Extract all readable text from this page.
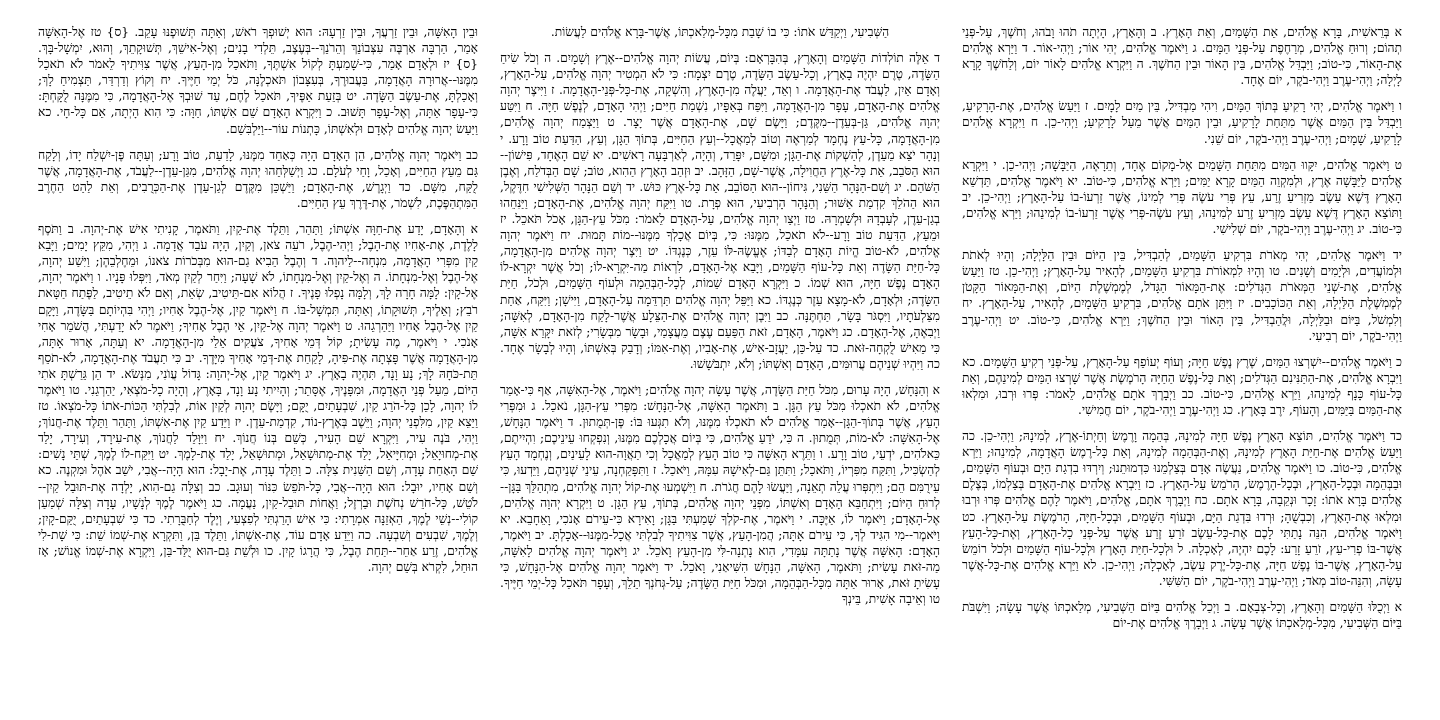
א בְּרֵאשִׁית, בָּרָא אֱלֹהִים, אֵת הַשָּׁמַיִם, וְאֵת הָאָרֶץ. ב וְהָאָרֶץ, הָיְתָה תֹהוּ וָבֹהוּ, וְחֹשֶׁךְ, עַל-פְּנֵי תְהוֹם; וְרוּחַ אֱלֹהִים, מְרַחֶפֶת עַל-פְּנֵי הַמָּיִם. ג וַיֹּאמֶר אֱלֹהִים, יְהִי אוֹר; וַיְהִי-אוֹר. ד וַיַּרְא אֱלֹהִים אֶת-הָאוֹר, כִּי-טוֹב; וַיַּבְדֵּל אֱלֹהִים, בֵּין הָאוֹר וּבֵין הַחֹשֶׁךְ. ה וַיִּקְרָא אֱלֹהִים לָאוֹר יוֹם, וְלַחֹשֶׁךְ קָרָא לָיְלָה; וַיְהִי-עֶרֶב וַיְהִי-בֹקֶר, יוֹם אֶחָד.

ו וַיֹּאמֶר אֱלֹהִים, יְהִי רָקִיעַ בְּתוֹךְ הַמָּיִם, וִיהִי מַבְדִּיל, בֵּין מַיִם לָמָיִם. ז וַיַּעַשׂ אֱלֹהִים, אֶת-הָרָקִיעַ, וַיַּבְדֵּל בֵּין הַמַּיִם אֲשֶׁר מִתַּחַת לָרָקִיעַ, וּבֵין הַמַּיִם אֲשֶׁר מֵעַל לָרָקִיעַ; וַיְהִי-כֵן. ח וַיִּקְרָא אֱלֹהִים לָרָקִיעַ, שָׁמָיִם; וַיְהִי-עֶרֶב וַיְהִי-בֹקֶר, יוֹם שֵׁנִי.

ט וַיֹּאמֶר אֱלֹהִים, יִקָּווּ הַמַּיִם מִתַּחַת הַשָּׁמַיִם אֶל-מָקוֹם אֶחָד, וְתֵרָאֶה, הַיַּבָּשָׁה; וַיְהִי-כֵן. י וַיִּקְרָא אֱלֹהִים לַיַּבָּשָׁה אֶרֶץ, וּלְמִקְוֵה הַמַּיִם קָרָא יַמִּים; וַיַּרְא אֱלֹהִים, כִּי-טוֹב. יא וַיֹּאמֶר אֱלֹהִים, תַּדְשֵׁא הָאָרֶץ דֶּשֶׁא עֵשֶׂב מַזְרִיעַ זֶרַע, עֵץ פְּרִי עֹשֶׂה פְּרִי לְמִינוֹ, אֲשֶׁר זַרְעוֹ-בוֹ עַל-הָאָרֶץ; וַיְהִי-כֵן. יב וַתּוֹצֵא הָאָרֶץ דֶּשֶׁא עֵשֶׂב מַזְרִיעַ זֶרַע לְמִינֵהוּ, וְעֵץ עֹשֶׂה-פְּרִי אֲשֶׁר זַרְעוֹ-בוֹ לְמִינֵהוּ; וַיַּרְא אֱלֹהִים, כִּי-טוֹב. יג וַיְהִי-עֶרֶב וַיְהִי-בֹקֶר, יוֹם שְׁלִישִׁי.

יד וַיֹּאמֶר אֱלֹהִים, יְהִי מְאֹרֹת בִּרְקִיעַ הַשָּׁמַיִם, לְהַבְדִּיל, בֵּין הַיּוֹם וּבֵין הַלָּיְלָה; וְהָיוּ לְאֹתֹת וּלְמוֹעֲדִים, וּלְיָמִים וְשָׁנִים. טו וְהָיוּ לִמְאוֹרֹת בִּרְקִיעַ הַשָּׁמַיִם, לְהָאִיר עַל-הָאָרֶץ; וַיְהִי-כֵן. טז וַיַּעַשׂ אֱלֹהִים, אֶת-שְׁנֵי הַמְּאֹרֹת הַגְּדֹלִים: אֶת-הַמָּאוֹר הַגָּדֹל, לְמֶמְשֶׁלֶת הַיּוֹם, וְאֶת-הַמָּאוֹר הַקָּטֹן לְמֶמְשֶׁלֶת הַלַּיְלָה, וְאֵת הַכּוֹכָבִים. יז וַיִּתֵּן אֹתָם אֱלֹהִים, בִּרְקִיעַ הַשָּׁמָיִם, לְהָאִיר, עַל-הָאָרֶץ. יח וְלִמְשֹׁל, בַּיּוֹם וּבַלַּיְלָה, וּלֲהַבְדִּיל, בֵּין הָאוֹר וּבֵין הַחֹשֶׁךְ; וַיַּרְא אֱלֹהִים, כִּי-טוֹב. יט וַיְהִי-עֶרֶב וַיְהִי-בֹקֶר, יוֹם רְבִיעִי.

כ וַיֹּאמֶר אֱלֹהִים--יִשְׁרְצוּ הַמַּיִם, שֶׁרֶץ נֶפֶשׁ חַיָּה; וְעוֹף יְעוֹפֵף עַל-הָאָרֶץ, עַל-פְּנֵי רְקִיעַ הַשָּׁמָיִם. כא וַיִּבְרָא אֱלֹהִים, אֶת-הַתַּנִּינִם הַגְּדֹלִים; וְאֵת כָּל-נֶפֶשׁ הַחַיָּה הָרֹמֶשֶׂת אֲשֶׁר שָׁרְצוּ הַמַּיִם לְמִינֵהֶם, וְאֵת כָּל-עוֹף כָּנָף לְמִינֵהוּ, וַיַּרְא אֱלֹהִים, כִּי-טוֹב. כב וַיְבָרֶךְ אֹתָם אֱלֹהִים, לֵאמֹר: פְּרוּ וּרְבוּ, וּמִלְאוּ אֶת-הַמַּיִם בַּיַּמִּים, וְהָעוֹף, יִרֶב בָּאָרֶץ. כג וַיְהִי-עֶרֶב וַיְהִי-בֹקֶר, יוֹם חֲמִישִׁי.

כד וַיֹּאמֶר אֱלֹהִים, תּוֹצֵא הָאָרֶץ נֶפֶשׁ חַיָּה לְמִינָהּ, בְּהֵמָה וָרֶמֶשׂ וְחַיְתוֹ-אֶרֶץ, לְמִינָהּ; וַיְהִי-כֵן. כה וַיַּעַשׂ אֱלֹהִים אֶת-חַיַּת הָאָרֶץ לְמִינָהּ, וְאֶת-הַבְּהֵמָה לְמִינָהּ, וְאֵת כָּל-רֶמֶשׂ הָאֲדָמָה, לְמִינֵהוּ; וַיַּרְא אֱלֹהִים, כִּי-טוֹב. כו וַיֹּאמֶר אֱלֹהִים, נַעֲשֶׂה אָדָם בְּצַלְמֵנוּ כִּדְמוּתֵנוּ; וְיִרְדּוּ בִדְגַת הַיָּם וּבְעוֹף הַשָּׁמַיִם, וּבַבְּהֵמָה וּבְכָל-הָאָרֶץ, וּבְכָל-הָרֶמֶשׂ, הָרֹמֵשׂ עַל-הָאָרֶץ. כז וַיִּבְרָא אֱלֹהִים אֶת-הָאָדָם בְּצַלְמוֹ, בְּצֶלֶם אֱלֹהִים בָּרָא אֹתוֹ: זָכָר וּנְקֵבָה, בָּרָא אֹתָם. כח וַיְבָרֶךְ אֹתָם, אֱלֹהִים, וַיֹּאמֶר לָהֶם אֱלֹהִים פְּרוּ וּרְבוּ וּמִלְאוּ אֶת-הָאָרֶץ, וְכִבְשֻׁהָ; וּרְדוּ בִּדְגַת הַיָּם, וּבְעוֹף הַשָּׁמַיִם, וּבְכָל-חַיָּה, הָרֹמֶשֶׂת עַל-הָאָרֶץ. כט וַיֹּאמֶר אֱלֹהִים, הִנֵּה נָתַתִּי לָכֶם אֶת-כָּל-עֵשֶׂב זֹרֵעַ זֶרַע אֲשֶׁר עַל-פְּנֵי כָל-הָאָרֶץ, וְאֶת-כָּל-הָעֵץ אֲשֶׁר-בּוֹ פְרִי-עֵץ, זֹרֵעַ זָרַע: לָכֶם יִהְיֶה, לְאָכְלָה. ל וּלְכָל-חַיַּת הָאָרֶץ וּלְכָל-עוֹף הַשָּׁמַיִם וּלְכֹל רוֹמֵשׂ עַל-הָאָרֶץ, אֲשֶׁר-בּוֹ נֶפֶשׁ חַיָּה, אֶת-כָּל-יֶרֶק עֵשֶׂב, לְאָכְלָה; וַיְהִי-כֵן. לא וַיַּרְא אֱלֹהִים אֶת-כָּל-אֲשֶׁר עָשָׂה, וְהִנֵּה-טוֹב מְאֹד; וַיְהִי-עֶרֶב וַיְהִי-בֹקֶר, יוֹם הַשִּׁשִּׁי.

א וַיְכֻלּוּ הַשָּׁמַיִם וְהָאָרֶץ, וְכָל-צְבָאָם. ב וַיְכַל אֱלֹהִים בַּיּוֹם הַשְּׁבִיעִי, מְלַאכְתּוֹ אֲשֶׁר עָשָׂה; וַיִּשְׁבֹּת בַּיּוֹם הַשְּׁבִיעִי, מִכָּל-מְלַאכְתּוֹ אֲשֶׁר עָשָׂה. ג וַיְבָרֶךְ אֱלֹהִים אֶת-יוֹם

הַשְּׁבִיעִי, וַיְקַדֵּשׁ אֹתוֹ: כִּי בוֹ שָׁבַת מִכָּל-מְלַאכְתּוֹ, אֲשֶׁר-בָּרָא אֱלֹהִים לַעֲשׂוֹת.

ד אֵלֶּה תוֹלְדוֹת הַשָּׁמַיִם וְהָאָרֶץ, בְּהִבָּרְאָם: בְּיוֹם, עֲשׂוֹת יְהוָה אֱלֹהִים--אֶרֶץ וְשָׁמָיִם. ה וְכֹל שִׂיחַ הַשָּׂדֶה, טֶרֶם יִהְיֶה בָאָרֶץ, וְכָל-עֵשֶׂב הַשָּׂדֶה, טֶרֶם יִצְמָח: כִּי לֹא הִמְטִיר יְהוָה אֱלֹהִים, עַל-הָאָרֶץ, וְאָדָם אַיִן, לַעֲבֹד אֶת-הָאֲדָמָה. ו וְאֵד, יַעֲלֶה מִן-הָאָרֶץ, וְהִשְׁקָה, אֶת-כָּל-פְּנֵי-הָאֲדָמָה. ז וַיִּיצֶר יְהוָה אֱלֹהִים אֶת-הָאָדָם, עָפָר מִן-הָאֲדָמָה, וַיִּפַּח בְּאַפָּיו, נִשְׁמַת חַיִּים; וַיְהִי הָאָדָם, לְנֶפֶשׁ חַיָּה. ח וַיִּטַּע יְהוָה אֱלֹהִים, גַּן-בְּעֵדֶן--מִקֶּדֶם; וַיָּשֶׂם שָׁם, אֶת-הָאָדָם אֲשֶׁר יָצָר. ט וַיַּצְמַח יְהוָה אֱלֹהִים, מִן-הָאֲדָמָה, כָּל-עֵץ נֶחְמָד לְמַרְאֶה וְטוֹב לְמַאֲכָל--וְעֵץ הַחַיִּים, בְּתוֹךְ הַגָּן, וְעֵץ, הַדַּעַת טוֹב וָרָע. י וְנָהָר יֹצֵא מֵעֵדֶן, לְהַשְׁקוֹת אֶת-הַגָּן; וּמִשָּׁם, יִפָּרֵד, וְהָיָה, לְאַרְבָּעָה רָאשִׁים. יא שֵׁם הָאֶחָד, פִּישׁוֹן--הוּא הַסֹּבֵב, אֵת כָּל-אֶרֶץ הַחֲוִילָה, אֲשֶׁר-שָׁם, הַזָּהָב. יב וּזְהַב הָאָרֶץ הַהִוא, טוֹב; שָׁם הַבְּדֹלַח, וְאֶבֶן הַשֹּׁהַם. יג וְשֵׁם-הַנָּהָר הַשֵּׁנִי, גִּיחוֹן--הוּא הַסּוֹבֵב, אֵת כָּל-אֶרֶץ כּוּשׁ. יד וְשֵׁם הַנָּהָר הַשְּׁלִישִׁי חִדֶּקֶל, הוּא הַהֹלֵךְ קִדְמַת אַשּׁוּר; וְהַנָּהָר הָרְבִיעִי, הוּא פְרָת. טו וַיִּקַּח יְהוָה אֱלֹהִים, אֶת-הָאָדָם; וַיַּנִּחֵהוּ בְגַן-עֵדֶן, לְעָבְדָהּ וּלְשָׁמְרָהּ. טז וַיְצַו יְהוָה אֱלֹהִים, עַל-הָאָדָם לֵאמֹר: מִכֹּל עֵץ-הַגָּן, אָכֹל תֹּאכֵל. יז וּמֵעֵץ, הַדַּעַת טוֹב וָרָע--לֹא תֹאכַל, מִמֶּנּוּ: כִּי, בְּיוֹם אֲכָלְךָ מִמֶּנּוּ--מוֹת תָּמוּת. יח וַיֹּאמֶר יְהוָה אֱלֹהִים, לֹא-טוֹב הֱיוֹת הָאָדָם לְבַדּוֹ; אֶעֱשֶׂהּ-לּוֹ עֵזֶר, כְּנֶגְדּוֹ. יט וַיִּצֶר יְהוָה אֱלֹהִים מִן-הָאֲדָמָה, כָּל-חַיַּת הַשָּׂדֶה וְאֵת כָּל-עוֹף הַשָּׁמַיִם, וַיָּבֵא אֶל-הָאָדָם, לִרְאוֹת מַה-יִּקְרָא-לוֹ; וְכֹל אֲשֶׁר יִקְרָא-לוֹ הָאָדָם נֶפֶשׁ חַיָּה, הוּא שְׁמוֹ. כ וַיִּקְרָא הָאָדָם שֵׁמוֹת, לְכָל-הַבְּהֵמָה וּלְעוֹף הַשָּׁמַיִם, וּלְכֹל, חַיַּת הַשָּׂדֶה; וּלְאָדָם, לֹא-מָצָא עֵזֶר כְּנֶגְדּוֹ. כא וַיַּפֵּל יְהוָה אֱלֹהִים תַּרְדֵּמָה עַל-הָאָדָם, וַיִּישָׁן; וַיִּקַּח, אַחַת מִצַּלְעֹתָיו, וַיִּסְגֹּר בָּשָׂר, תַּחְתֶּנָּה. כב וַיִּבֶן יְהוָה אֱלֹהִים אֶת-הַצֵּלָע אֲשֶׁר-לָקַח מִן-הָאָדָם, לְאִשָּׁה; וַיְבִאֶהָ, אֶל-הָאָדָם. כג וַיֹּאמֶר, הָאָדָם, זֹאת הַפַּעַם עֶצֶם מֵעֲצָמַי, וּבָשָׂר מִבְּשָׂרִי; לְזֹאת יִקָּרֵא אִשָּׁה, כִּי מֵאִישׁ לֻקְחָה-זֹּאת. כד עַל-כֵּן, יַעֲזָב-אִישׁ, אֶת-אָבִיו, וְאֶת-אִמּוֹ; וְדָבַק בְּאִשְׁתּוֹ, וְהָיוּ לְבָשָׂר אֶחָד. כה וַיִּהְיוּ שְׁנֵיהֶם עֲרוּמִּים, הָאָדָם וְאִשְׁתּוֹ; וְלֹא, יִתְבֹּשָׁשׁוּ.

א וְהַנָּחָשׁ, הָיָה עָרוּם, מִכֹּל חַיַּת הַשָּׂדֶה, אֲשֶׁר עָשָׂה יְהוָה אֱלֹהִים; וַיֹּאמֶר, אֶל-הָאִשָּׁה, אַף כִּי-אָמַר אֱלֹהִים, לֹא תֹאכְלוּ מִכֹּל עֵץ הַגָּן. ב וַתֹּאמֶר הָאִשָּׁה, אֶל-הַנָּחָשׁ: מִפְּרִי עֵץ-הַגָּן, נֹאכֵל. ג וּמִפְּרִי הָעֵץ, אֲשֶׁר בְּתוֹךְ-הַגָּן--אָמַר אֱלֹהִים לֹא תֹאכְלוּ מִמֶּנּוּ, וְלֹא תִגְּעוּ בּוֹ: פֶּן-תְּמֻתוּן. ד וַיֹּאמֶר הַנָּחָשׁ, אֶל-הָאִשָּׁה: לֹא-מוֹת, תְּמֻתוּן. ה כִּי, יֹדֵעַ אֱלֹהִים, כִּי בְּיוֹם אֲכָלְכֶם מִמֶּנּוּ, וְנִפְקְחוּ עֵינֵיכֶם; וִהְיִיתֶם, כֵּאלֹהִים, יֹדְעֵי, טוֹב וָרָע. ו וַתֵּרֶא הָאִשָּׁה כִּי טוֹב הָעֵץ לְמַאֲכָל וְכִי תַאֲוָה-הוּא לָעֵינַיִם, וְנֶחְמָד הָעֵץ לְהַשְׂכִּיל, וַתִּקַּח מִפִּרְיוֹ, וַתֹּאכַל; וַתִּתֵּן גַּם-לְאִישָׁהּ עִמָּהּ, וַיֹּאכַל. ז וַתִּפָּקַחְנָה, עֵינֵי שְׁנֵיהֶם, וַיֵּדְעוּ, כִּי עֵירֻמִּם הֵם; וַיִּתְפְּרוּ עֲלֵה תְאֵנָה, וַיַּעֲשׂוּ לָהֶם חֲגֹרֹת. ח וַיִּשְׁמְעוּ אֶת-קוֹל יְהוָה אֱלֹהִים, מִתְהַלֵּךְ בַּגָּן--לְרוּחַ הַיּוֹם; וַיִּתְחַבֵּא הָאָדָם וְאִשְׁתּוֹ, מִפְּנֵי יְהוָה אֱלֹהִים, בְּתוֹךְ, עֵץ הַגָּן. ט וַיִּקְרָא יְהוָה אֱלֹהִים, אֶל-הָאָדָם; וַיֹּאמֶר לוֹ, אַיֶּכָּה. י וַיֹּאמֶר, אֶת-קֹלְךָ שָׁמַעְתִּי בַּגָּן; וָאִירָא כִּי-עֵירֹם אָנֹכִי, וָאֵחָבֵא. יא וַיֹּאמֶר--מִי הִגִּיד לְךָ, כִּי עֵירֹם אָתָּה; הֲמִן-הָעֵץ, אֲשֶׁר צִוִּיתִיךָ לְבִלְתִּי אֲכָל-מִמֶּנּוּ--אָכָלְתָּ. יב וַיֹּאמֶר, הָאָדָם: הָאִשָּׁה אֲשֶׁר נָתַתָּה עִמָּדִי, הִוא נָתְנָה-לִּי מִן-הָעֵץ וָאֹכֵל. יג וַיֹּאמֶר יְהוָה אֱלֹהִים לָאִשָּׁה, מַה-זֹּאת עָשִׂית; וַתֹּאמֶר, הָאִשָּׁה, הַנָּחָשׁ הִשִּׁיאַנִי, וָאֹכֵל. יד וַיֹּאמֶר יְהוָה אֱלֹהִים אֶל-הַנָּחָשׁ, כִּי עָשִׂיתָ זֹּאת, אָרוּר אַתָּה מִכָּל-הַבְּהֵמָה, וּמִכֹּל חַיַּת הַשָּׂדֶה; עַל-גְּחֹנְךָ תֵלֵךְ, וְעָפָר תֹּאכַל כָּל-יְמֵי חַיֶּיךָ. טו וְאֵיבָה אָשִׁית, בֵּינְךָ

וּבֵין הָאִשָּׁה, וּבֵין זַרְעֲךָ, וּבֵין זַרְעָהּ: הוּא יְשׁוּפְךָ רֹאשׁ, וְאַתָּה תְּשׁוּפֶנּוּ עָקֵב. {ס} טז אֶל-הָאִשָּׁה אָמַר, הַרְבָּה אַרְבֶּה עִצְּבוֹנֵךְ וְהֵרֹנֵךְ--בְּעֶצֶב, תֵּלְדִי בָנִים; וְאֶל-אִישֵׁךְ, תְּשׁוּקָתֵךְ, וְהוּא, יִמְשָׁל-בָּךְ. {ס} יז וּלְאָדָם אָמַר, כִּי-שָׁמַעְתָּ לְקוֹל אִשְׁתֶּךָ, וַתֹּאכַל מִן-הָעֵץ, אֲשֶׁר צִוִּיתִיךָ לֵאמֹר לֹא תֹאכַל מִמֶּנּוּ--אֲרוּרָה הָאֲדָמָה, בַּעֲבוּרֶךָ, בְּעִצָּבוֹן תֹּאכְלֶנָּה, כֹּל יְמֵי חַיֶּיךָ. יח וְקוֹץ וְדַרְדַּר, תַּצְמִיחַ לָךְ; וְאָכַלְתָּ, אֶת-עֵשֶׂב הַשָּׂדֶה. יט בְּזֵעַת אַפֶּיךָ, תֹּאכַל לֶחֶם, עַד שׁוּבְךָ אֶל-הָאֲדָמָה, כִּי מִמֶּנָּה לֻקָּחְתָּ: כִּי-עָפָר אַתָּה, וְאֶל-עָפָר תָּשׁוּב. כ וַיִּקְרָא הָאָדָם שֵׁם אִשְׁתּוֹ, חַוָּה: כִּי הִוא הָיְתָה, אֵם כָּל-חָי. כא וַיַּעַשׂ יְהוָה אֱלֹהִים לְאָדָם וּלְאִשְׁתּוֹ, כָּתְנוֹת עוֹר--וַיַּלְבִּשֵׁם.

כב וַיֹּאמֶר יְהוָה אֱלֹהִים, הֵן הָאָדָם הָיָה כְּאַחַד מִמֶּנּוּ, לָדַעַת, טוֹב וָרָע; וְעַתָּה פֶּן-יִשְׁלַח יָדוֹ, וְלָקַח גַּם מֵעֵץ הַחַיִּים, וְאָכַל, וָחַי לְעֹלָם. כג וַיְשַׁלְּחֵהוּ יְהוָה אֱלֹהִים, מִגַּן-עֵדֶן--לַעֲבֹד, אֶת-הָאֲדָמָה, אֲשֶׁר לֻקַּח, מִשָּׁם. כד וַיְגָרֶשׁ, אֶת-הָאָדָם; וַיַּשְׁכֵּן מִקֶּדֶם לְגַן-עֵדֶן אֶת-הַכְּרֻבִים, וְאֵת לַהַט הַחֶרֶב הַמִּתְהַפֶּכֶת, לִשְׁמֹר, אֶת-דֶּרֶךְ עֵץ הַחַיִּים.

א וְהָאָדָם, יָדַע אֶת-חַוָּה אִשְׁתּוֹ; וַתַּהַר, וַתֵּלֶד אֶת-קַיִן, וַתֹּאמֶר, קָנִיתִי אִישׁ אֶת-יְהוָה. ב וַתֹּסֶף לָלֶדֶת, אֶת-אָחִיו אֶת-הָבֶל; וַיְהִי-הֶבֶל, רֹעֵה צֹאן, וְקַיִן, הָיָה עֹבֵד אֲדָמָה. ג וַיְהִי, מִקֵּץ יָמִים; וַיָּבֵא קַיִן מִפְּרִי הָאֲדָמָה, מִנְחָה--לַיהוָה. ד וְהֶבֶל הֵבִיא גַם-הוּא מִבְּכֹרוֹת צֹאנוֹ, וּמֵחֶלְבֵהֶן; וַיִּשַׁע יְהוָה, אֶל-הֶבֶל וְאֶל-מִנְחָתוֹ. ה וְאֶל-קַיִן וְאֶל-מִנְחָתוֹ, לֹא שָׁעָה; וַיִּחַר לְקַיִן מְאֹד, וַיִּפְּלוּ פָּנָיו. ו וַיֹּאמֶר יְהוָה, אֶל-קָיִן: לָמָּה חָרָה לָךְ, וְלָמָּה נָפְלוּ פָנֶיךָ. ז הֲלוֹא אִם-תֵּיטִיב, שְׂאֵת, וְאִם לֹא תֵיטִיב, לַפֶּתַח חַטָּאת רֹבֵץ; וְאֵלֶיךָ, תְּשׁוּקָתוֹ, וְאַתָּה, תִּמְשָׁל-בּוֹ. ח וַיֹּאמֶר קַיִן, אֶל-הֶבֶל אָחִיו; וַיְהִי בִּהְיוֹתָם בַּשָּׂדֶה, וַיָּקָם קַיִן אֶל-הֶבֶל אָחִיו וַיַּהַרְגֵהוּ. ט וַיֹּאמֶר יְהוָה אֶל-קַיִן, אֵי הֶבֶל אָחִיךָ; וַיֹּאמֶר לֹא יָדַעְתִּי, הֲשֹׁמֵר אָחִי אָנֹכִי. י וַיֹּאמֶר, מֶה עָשִׂיתָ; קוֹל דְּמֵי אָחִיךָ, צֹעֲקִים אֵלַי מִן-הָאֲדָמָה. יא וְעַתָּה, אָרוּר אָתָּה, מִן-הָאֲדָמָה אֲשֶׁר פָּצְתָה אֶת-פִּיהָ, לָקַחַת אֶת-דְּמֵי אָחִיךָ מִיָּדֶךָ. יב כִּי תַעֲבֹד אֶת-הָאֲדָמָה, לֹא-תֹסֵף תֵּת-כֹּחָהּ לָךְ; נָע וָנָד, תִּהְיֶה בָאָרֶץ. יג וַיֹּאמֶר קַיִן, אֶל-יְהוָה: גָּדוֹל עֲוֺנִי, מִנְּשֹׂא. יד הֵן גֵּרַשְׁתָּ אֹתִי הַיּוֹם, מֵעַל פְּנֵי הָאֲדָמָה, וּמִפָּנֶיךָ, אֶסָּתֵר; וְהָיִיתִי נָע וָנָד, בָּאָרֶץ, וְהָיָה כָל-מֹצְאִי, יַהַרְגֵנִי. טו וַיֹּאמֶר לוֹ יְהוָה, לָכֵן כָּל-הֹרֵג קַיִן, שִׁבְעָתַיִם, יֻקָּם; וַיָּשֶׂם יְהוָה לְקַיִן אוֹת, לְבִלְתִּי הַכּוֹת-אֹתוֹ כָּל-מֹצְאוֹ. טז וַיֵּצֵא קַיִן, מִלִּפְנֵי יְהוָה; וַיֵּשֶׁב בְּאֶרֶץ-נוֹד, קִדְמַת-עֵדֶן. יז וַיֵּדַע קַיִן אֶת-אִשְׁתּוֹ, וַתַּהַר וַתֵּלֶד אֶת-חֲנוֹךְ; וַיְהִי, בֹּנֶה עִיר, וַיִּקְרָא שֵׁם הָעִיר, כְּשֵׁם בְּנוֹ חֲנוֹךְ. יח וַיִּוָּלֵד לַחֲנוֹךְ, אֶת-עִירָד, וְעִירָד, יָלַד אֶת-מְחוּיָאֵל; וּמְחִיָּיאֵל, יָלַד אֶת-מְתוּשָׁאֵל, וּמְתוּשָׁאֵל, יָלַד אֶת-לָמֶךְ. יט וַיִּקַּח-לוֹ לֶמֶךְ, שְׁתֵּי נָשִׁים: שֵׁם הָאַחַת עָדָה, וְשֵׁם הַשֵּׁנִית צִלָּה. כ וַתֵּלֶד עָדָה, אֶת-יָבָל: הוּא הָיָה--אֲבִי, יֹשֵׁב אֹהֶל וּמִקְנֶה. כא וְשֵׁם אָחִיו, יוּבָל: הוּא הָיָה--אֲבִי, כָּל-תֹּפֵשׂ כִּנּוֹר וְעוּגָב. כב וְצִלָּה גַם-הִוא, יָלְדָה אֶת-תּוּבַל קַיִן--לֹטֵשׁ, כָּל-חֹרֵשׁ נְחֹשֶׁת וּבַרְזֶל; וַאֲחוֹת תּוּבַל-קַיִן, נַעֲמָה. כג וַיֹּאמֶר לֶמֶךְ לְנָשָׁיו, עָדָה וְצִלָּה שְׁמַעַן קוֹלִי--נְשֵׁי לֶמֶךְ, הַאְזֵנָּה אִמְרָתִי: כִּי אִישׁ הָרַגְתִּי לְפִצְעִי, וְיֶלֶד לְחַבֻּרָתִי. כד כִּי שִׁבְעָתַיִם, יֻקַּם-קָיִן; וְלֶמֶךְ, שִׁבְעִים וְשִׁבְעָה. כה וַיֵּדַע אָדָם עוֹד, אֶת-אִשְׁתּוֹ, וַתֵּלֶד בֵּן, וַתִּקְרָא אֶת-שְׁמוֹ שֵׁת: כִּי שָׁת-לִי אֱלֹהִים, זֶרַע אַחֵר--תַּחַת הֶבֶל, כִּי הֲרָגוֹ קָיִן. כו וּלְשֵׁת גַּם-הוּא יֻלַּד-בֵּן, וַיִּקְרָא אֶת-שְׁמוֹ אֱנוֹשׁ; אָז הוּחַל, לִקְרֹא בְּשֵׁם יְהוָה.
